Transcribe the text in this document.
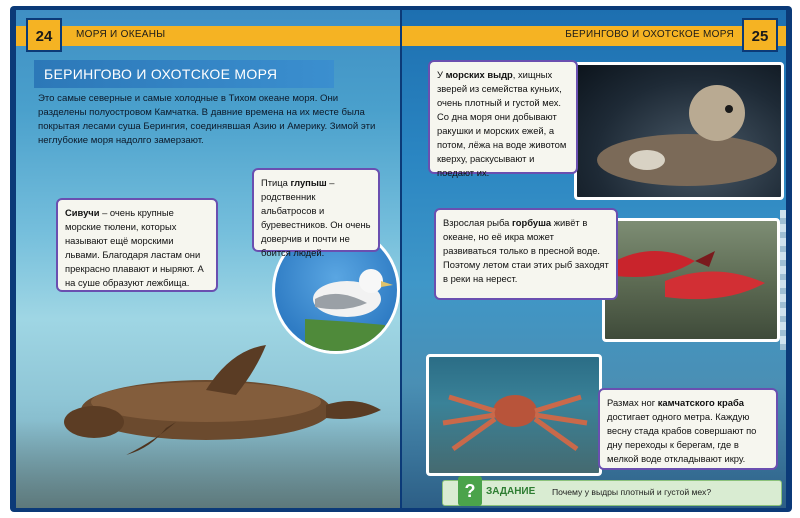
24	МОРЯ И ОКЕАНЫ
БЕРИНГОВО И ОХОТСКОЕ МОРЯ
Это самые северные и самые холодные в Тихом океане моря. Они разделены полуостровом Камчатка. В давние времена на их месте была покрытая лесами суша Берингия, соединявшая Азию и Америку. Зимой эти неглубокие моря надолго замерзают.
Сивучи – очень крупные морские тюлени, которых называют ещё морскими львами. Благодаря ластам они прекрасно плавают и ныряют. А на суше образуют лежбища.
Птица глупыш – родственник альбатросов и буревестников. Он очень доверчив и почти не боится людей.
25
БЕРИНГОВО И ОХОТСКОЕ МОРЯ
У морских выдр, хищных зверей из семейства куньих, очень плотный и густой мех. Со дна моря они добывают ракушки и морских ежей, а потом, лёжа на воде животом кверху, раскусывают и поедают их.
Взрослая рыба горбуша живёт в океане, но её икра может развиваться только в пресной воде. Поэтому летом стаи этих рыб заходят в реки на нерест.
Размах ног камчатского краба достигает одного метра. Каждую весну стада крабов совершают по дну переходы к берегам, где в мелкой воде откладывают икру.
?	ЗАДАНИЕ Почему у выдры плотный и густой мех?
